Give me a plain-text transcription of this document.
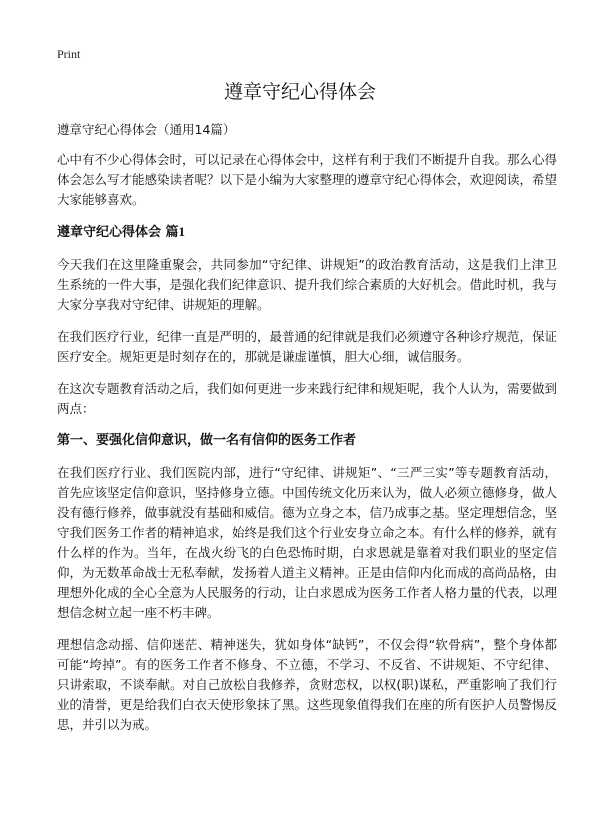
Print
遵章守纪心得体会
遵章守纪心得体会（通用14篇）

心中有不少心得体会时，可以记录在心得体会中，这样有利于我们不断提升自我。那么心得体会怎么写才能感染读者呢？以下是小编为大家整理的遵章守纪心得体会，欢迎阅读，希望大家能够喜欢。

遵章守纪心得体会 篇1

今天我们在这里隆重聚会，共同参加“守纪律、讲规矩”的政治教育活动，这是我们上津卫生系统的一件大事，是强化我们纪律意识、提升我们综合素质的大好机会。借此时机，我与大家分享我对守纪律、讲规矩的理解。

在我们医疗行业，纪律一直是严明的，最普通的纪律就是我们必须遵守各种诊疗规范，保证医疗安全。规矩更是时刻存在的，那就是谦虚谨慎，胆大心细，诚信服务。

在这次专题教育活动之后，我们如何更进一步来践行纪律和规矩呢，我个人认为，需要做到两点：

第一、要强化信仰意识，做一名有信仰的医务工作者

在我们医疗行业、我们医院内部，进行“守纪律、讲规矩”、“三严三实”等专题教育活动，首先应该坚定信仰意识，坚持修身立德。中国传统文化历来认为，做人必须立德修身，做人没有德行修养，做事就没有基础和威信。德为立身之本，信乃成事之基。坚定理想信念，坚守我们医务工作者的精神追求，始终是我们这个行业安身立命之本。有什么样的修养，就有什么样的作为。当年，在战火纷飞的白色恐怖时期，白求恩就是靠着对我们职业的坚定信仰，为无数革命战士无私奉献，发扬着人道主义精神。正是由信仰内化而成的高尚品格，由理想外化成的全心全意为人民服务的行动，让白求恩成为医务工作者人格力量的代表，以理想信念树立起一座不朽丰碑。

理想信念动摇、信仰迷茫、精神迷失，犹如身体“缺钙”，不仅会得“软骨病”，整个身体都可能“垮掉”。有的医务工作者不修身、不立德，不学习、不反省、不讲规矩、不守纪律、只讲索取，不谈奉献。对自己放松自我修养，贪财恋权，以权(职)谋私，严重影响了我们行业的清誉，更是给我们白衣天使形象抹了黑。这些现象值得我们在座的所有医护人员警惕反思，并引以为戒。
